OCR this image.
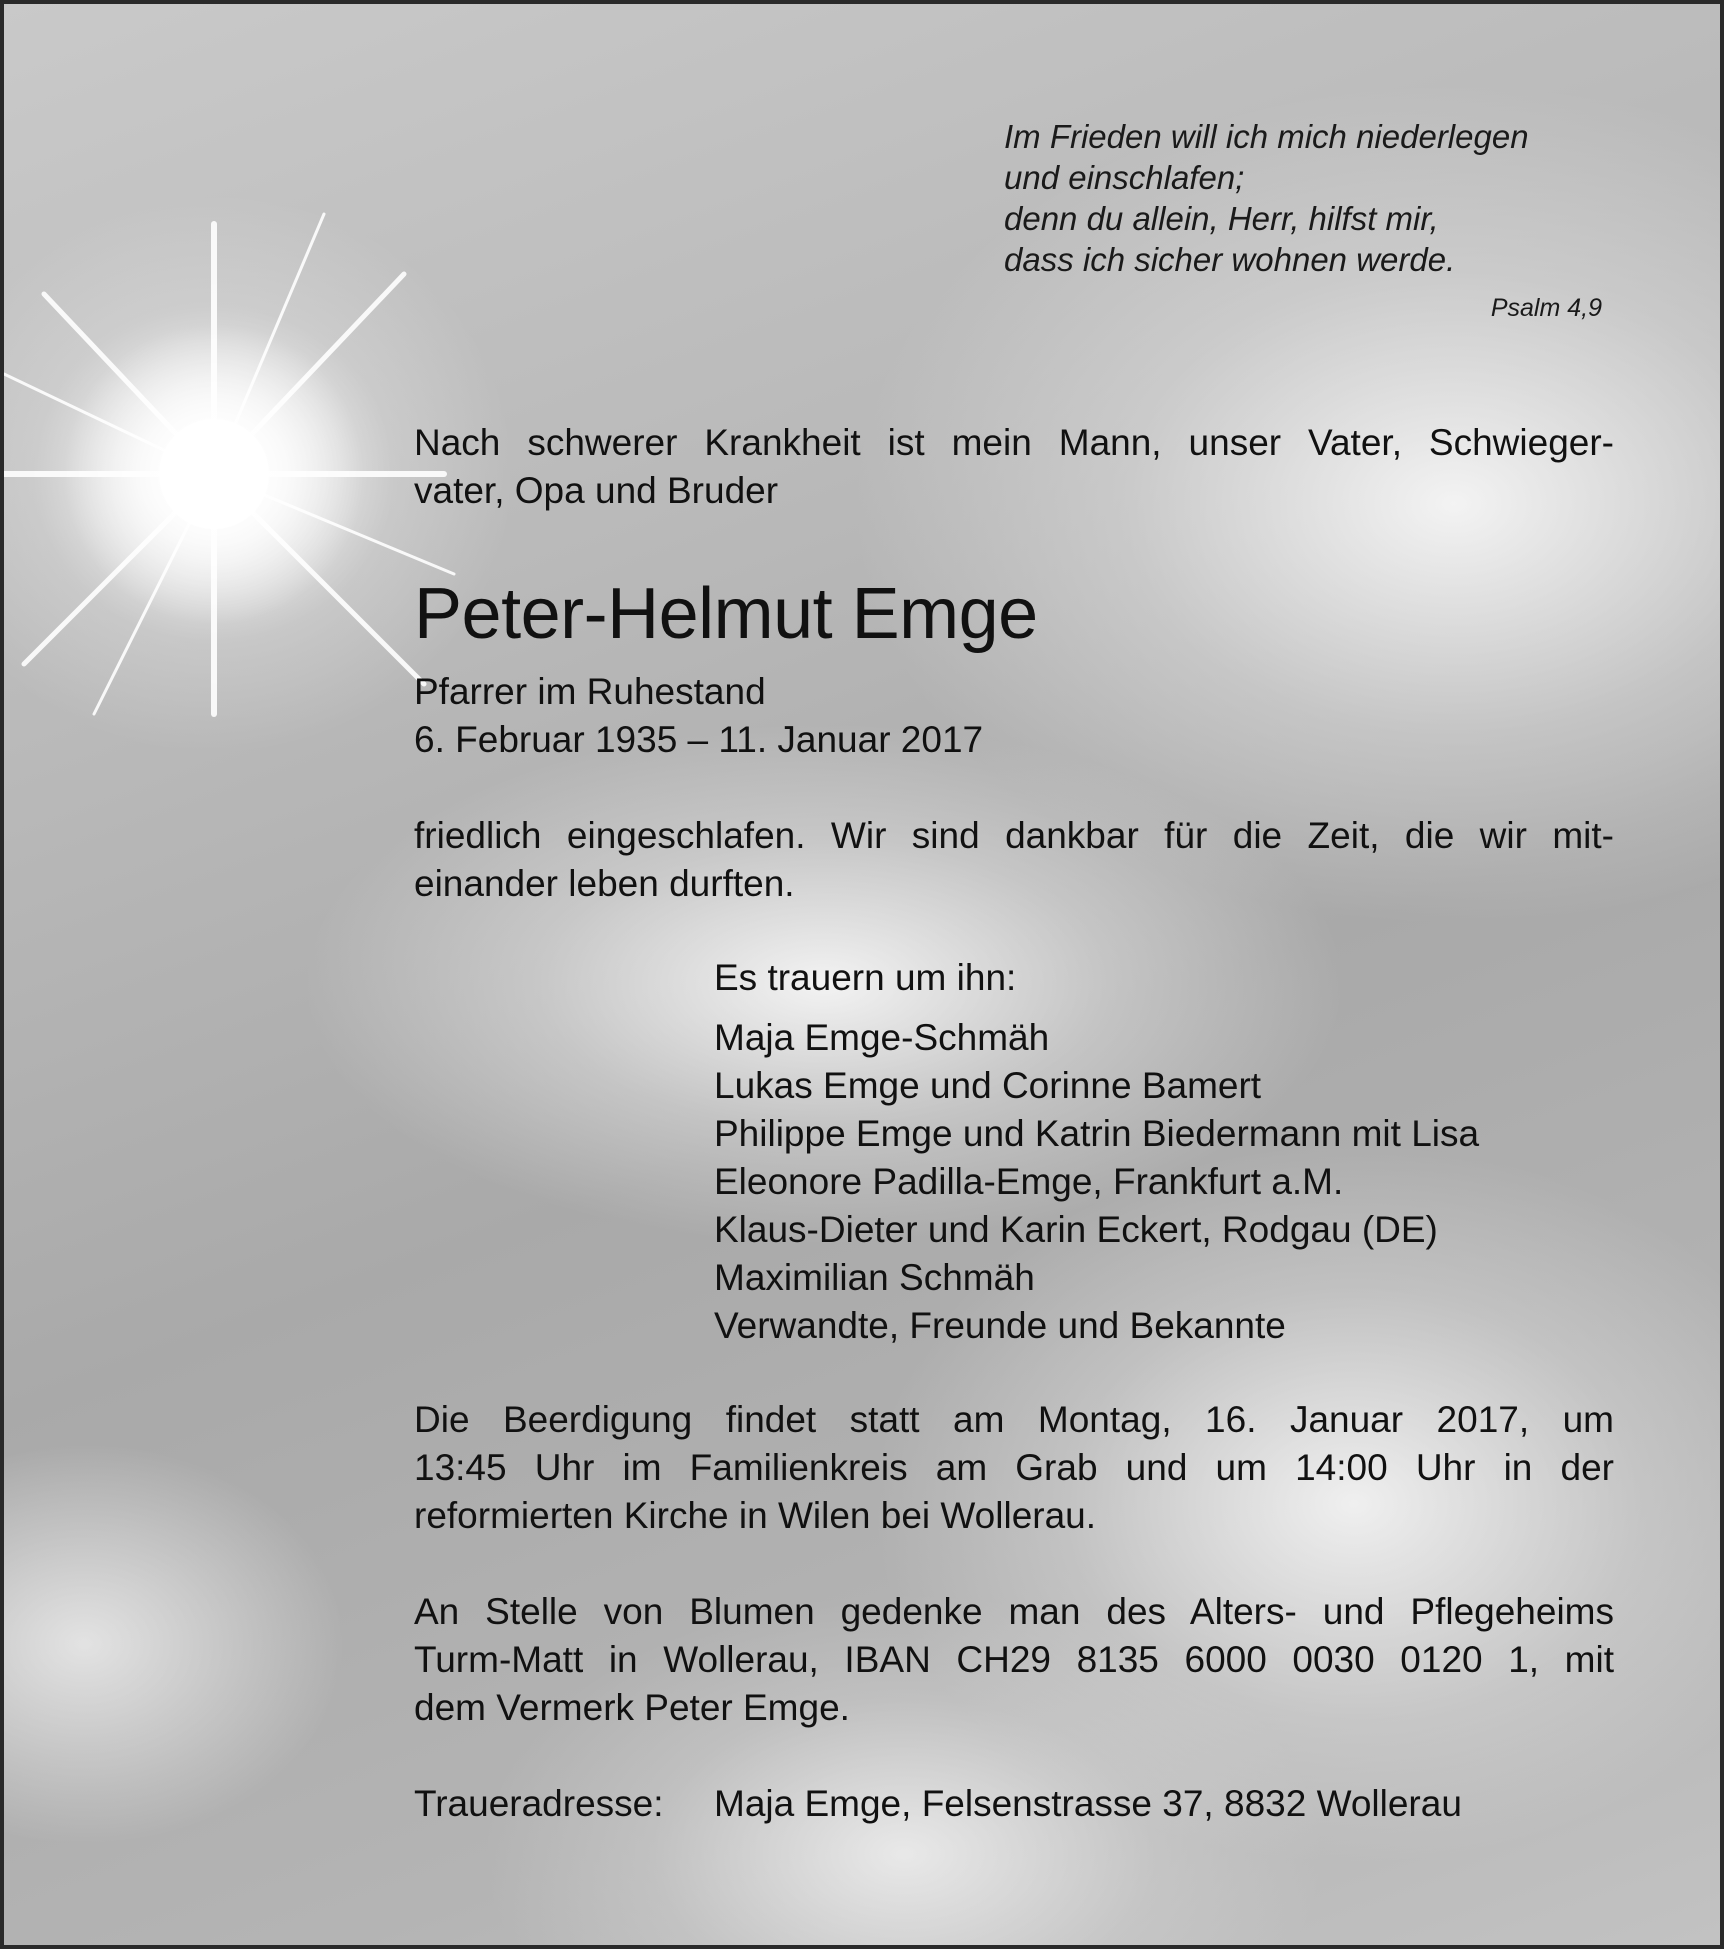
Im Frieden will ich mich niederlegen
und einschlafen;
denn du allein, Herr, hilfst mir,
dass ich sicher wohnen werde.
Psalm 4,9
Nach schwerer Krankheit ist mein Mann, unser Vater, Schwieger-
vater, Opa und Bruder
Peter-Helmut Emge
Pfarrer im Ruhestand
6. Februar 1935 – 11. Januar 2017
friedlich eingeschlafen. Wir sind dankbar für die Zeit, die wir mit-
einander leben durften.
Es trauern um ihn:
Maja Emge-Schmäh
Lukas Emge und Corinne Bamert
Philippe Emge und Katrin Biedermann mit Lisa
Eleonore Padilla-Emge, Frankfurt a.M.
Klaus-Dieter und Karin Eckert, Rodgau (DE)
Maximilian Schmäh
Verwandte, Freunde und Bekannte
Die Beerdigung findet statt am Montag, 16. Januar 2017, um
13:45 Uhr im Familienkreis am Grab und um 14:00 Uhr in der
reformierten Kirche in Wilen bei Wollerau.
An Stelle von Blumen gedenke man des Alters- und Pflegeheims
Turm-Matt in Wollerau, IBAN CH29 8135 6000 0030 0120 1, mit
dem Vermerk Peter Emge.
Traueradresse: Maja Emge, Felsenstrasse 37, 8832 Wollerau
